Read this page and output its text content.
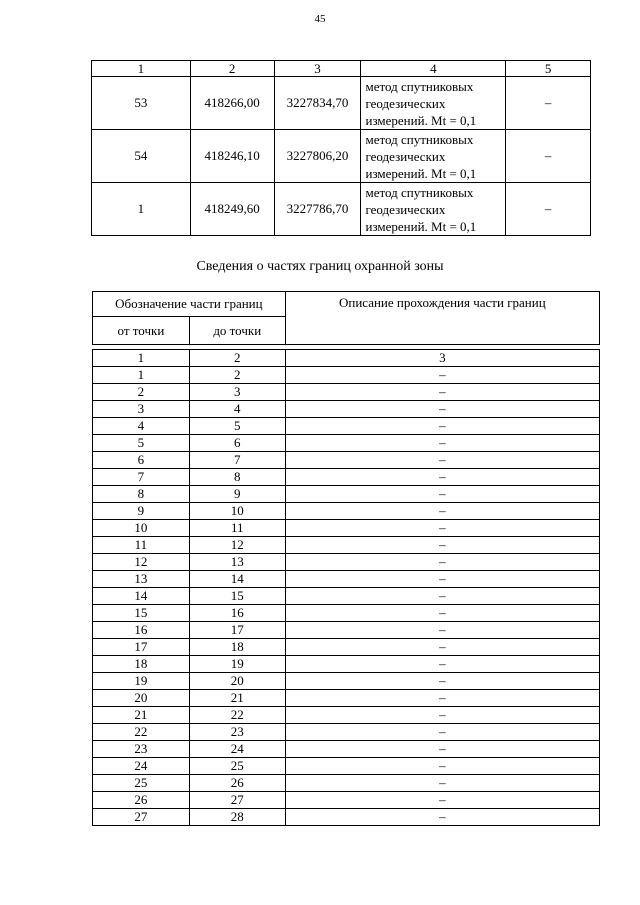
45
1	2	3	4	5
53	418266,00	3227834,70	метод спутниковых
геодезических
измерений. Mt = 0,1	–
54	418246,10	3227806,20	метод спутниковых
геодезических
измерений. Mt = 0,1	–
1	418249,60	3227786,70	метод спутниковых
геодезических
измерений. Mt = 0,1	–
Сведения о частях границ охранной зоны
Обозначение части границ		Описание прохождения части границ
от точки	до точки	

1	2	3
1	2	–
2	3	–
3	4	–
4	5	–
5	6	–
6	7	–
7	8	–
8	9	–
9	10	–
10	11	–
11	12	–
12	13	–
13	14	–
14	15	–
15	16	–
16	17	–
17	18	–
18	19	–
19	20	–
20	21	–
21	22	–
22	23	–
23	24	–
24	25	–
25	26	–
26	27	–
27	28	–
